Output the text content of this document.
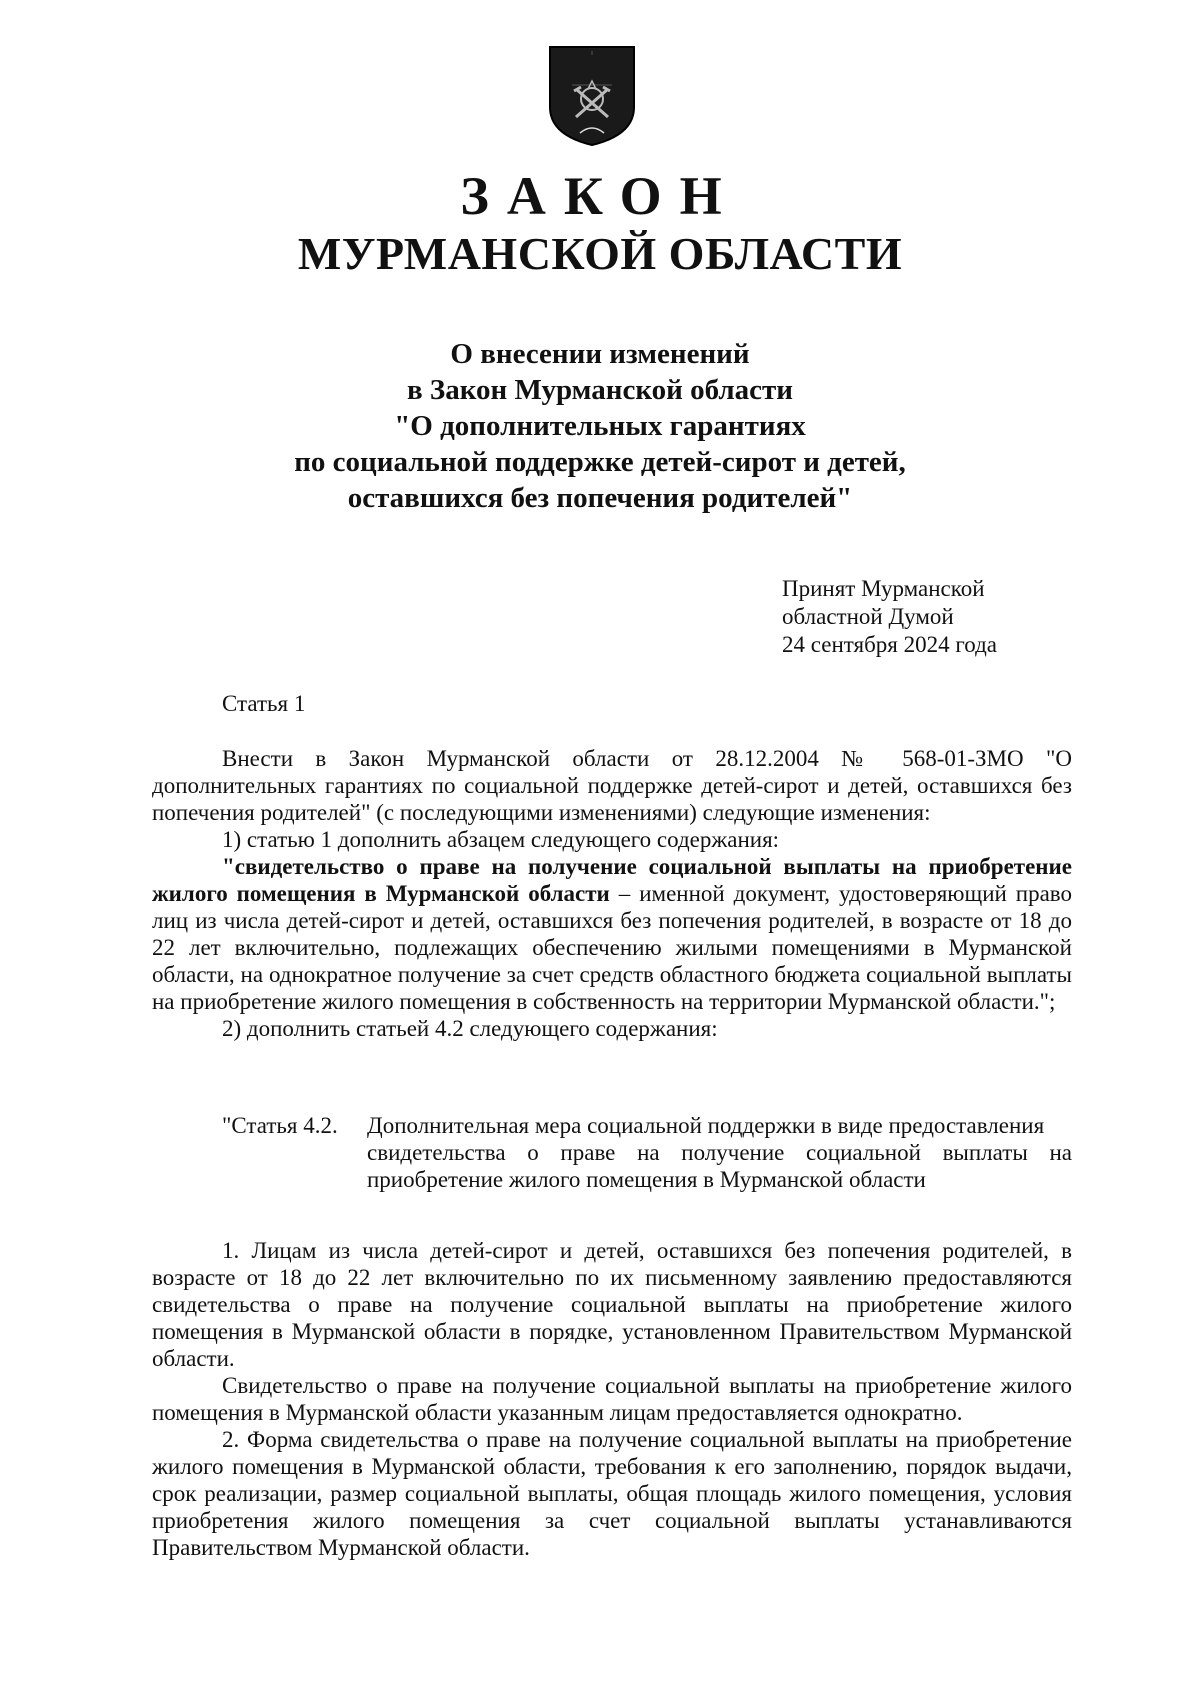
ЗАКОН
МУРМАНСКОЙ ОБЛАСТИ
О внесении изменений
в Закон Мурманской области
"О дополнительных гарантиях
по социальной поддержке детей-сирот и детей,
оставшихся без попечения родителей"
Принят Мурманской
областной Думой
24 сентября 2024 года
Статья 1

Внести в Закон Мурманской области от 28.12.2004 № 568-01-ЗМО "О дополнительных гарантиях по социальной поддержке детей-сирот и детей, оставшихся без попечения родителей" (с последующими изменениями) следующие изменения:

1) статью 1 дополнить абзацем следующего содержания:

"свидетельство о праве на получение социальной выплаты на приобретение жилого помещения в Мурманской области – именной документ, удостоверяющий право лиц из числа детей-сирот и детей, оставшихся без попечения родителей, в возрасте от 18 до 22 лет включительно, подлежащих обеспечению жилыми помещениями в Мурманской области, на однократное получение за счет средств областного бюджета социальной выплаты на приобретение жилого помещения в собственность на территории Мурманской области.";

2) дополнить статьей 4.2 следующего содержания:

"Статья 4.2. Дополнительная мера социальной поддержки в виде предоставления
свидетельства о праве на получение социальной выплаты на приобретение жилого помещения в Мурманской области

1. Лицам из числа детей-сирот и детей, оставшихся без попечения родителей, в возрасте от 18 до 22 лет включительно по их письменному заявлению предоставляются свидетельства о праве на получение социальной выплаты на приобретение жилого помещения в Мурманской области в порядке, установленном Правительством Мурманской области.

Свидетельство о праве на получение социальной выплаты на приобретение жилого помещения в Мурманской области указанным лицам предоставляется однократно.

2. Форма свидетельства о праве на получение социальной выплаты на приобретение жилого помещения в Мурманской области, требования к его заполнению, порядок выдачи, срок реализации, размер социальной выплаты, общая площадь жилого помещения, условия приобретения жилого помещения за счет социальной выплаты устанавливаются Правительством Мурманской области.
